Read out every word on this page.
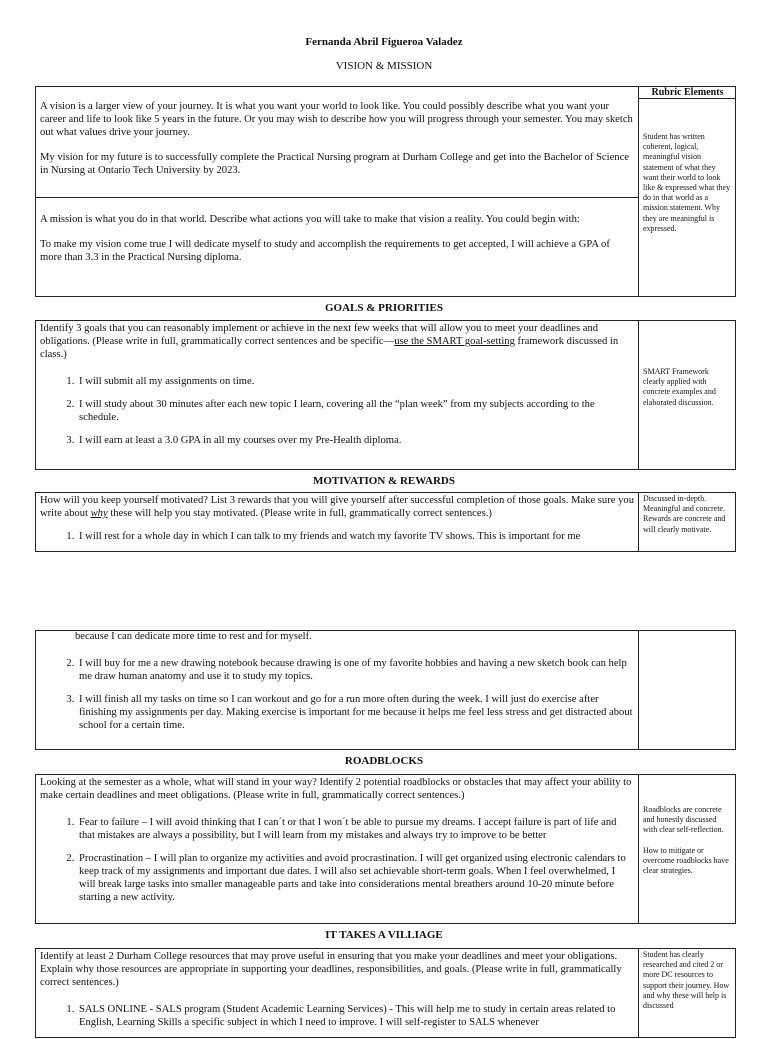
Fernanda Abril Figueroa Valadez
VISION & MISSION
Rubric Elements

A vision is a larger view of your journey. It is what you want your world to look like. You could possibly describe what you want your career and life to look like 5 years in the future. Or you may wish to describe how you will progress through your semester. You may sketch out what values drive your journey.

My vision for my future is to successfully complete the Practical Nursing program at Durham College and get into the Bachelor of Science in Nursing at Ontario Tech University by 2023.

A mission is what you do in that world. Describe what actions you will take to make that vision a reality. You could begin with:

To make my vision come true I will dedicate myself to study and accomplish the requirements to get accepted, I will achieve a GPA of more than 3.3 in the Practical Nursing diploma.

Student has written coherent, logical, meaningful vision statement of what they want their world to look like & expressed what they do in that world as a mission statement. Why they are meaningful is expressed.
GOALS & PRIORITIES

Identify 3 goals that you can reasonably implement or achieve in the next few weeks that will allow you to meet your deadlines and obligations. (Please write in full, grammatically correct sentences and be specific—use the SMART goal-setting framework discussed in class.)

1. I will submit all my assignments on time.
2. I will study about 30 minutes after each new topic I learn, covering all the “plan week” from my subjects according to the schedule.
3. I will earn at least a 3.0 GPA in all my courses over my Pre-Health diploma.
SMART Framework clearly applied with concrete examples and elaborated discussion.
MOTIVATION & REWARDS

How will you keep yourself motivated? List 3 rewards that you will give yourself after successful completion of those goals. Make sure you write about why these will help you stay motivated. (Please write in full, grammatically correct sentences.)

1. I will rest for a whole day in which I can talk to my friends and watch my favorite TV shows. This is important for me
Discussed in-depth. Meaningful and concrete. Rewards are concrete and will clearly motivate.
because I can dedicate more time to rest and for myself.
2. I will buy for me a new drawing notebook because drawing is one of my favorite hobbies and having a new sketch book can help me draw human anatomy and use it to study my topics.
3. I will finish all my tasks on time so I can workout and go for a run more often during the week. I will just do exercise after finishing my assignments per day. Making exercise is important for me because it helps me feel less stress and get distracted about school for a certain time.
ROADBLOCKS

Looking at the semester as a whole, what will stand in your way? Identify 2 potential roadblocks or obstacles that may affect your ability to make certain deadlines and meet obligations. (Please write in full, grammatically correct sentences.)

1. Fear to failure – I will avoid thinking that I can´t or that I won´t be able to pursue my dreams. I accept failure is part of life and that mistakes are always a possibility, but I will learn from my mistakes and always try to improve to be better
2. Procrastination – I will plan to organize my activities and avoid procrastination. I will get organized using electronic calendars to keep track of my assignments and important due dates. I will also set achievable short-term goals. When I feel overwhelmed, I will break large tasks into smaller manageable parts and take into considerations mental breathers around 10-20 minute before starting a new activity.

Roadblocks are concrete and honestly discussed with clear self-reflection.

How to mitigate or overcome roadblocks have clear strategies.

IT TAKES A VILLIAGE

Identify at least 2 Durham College resources that may prove useful in ensuring that you make your deadlines and meet your obligations. Explain why those resources are appropriate in supporting your deadlines, responsibilities, and goals. (Please write in full, grammatically correct sentences.)

1. SALS ONLINE - SALS program (Student Academic Learning Services) - This will help me to study in certain areas related to English, Learning Skills a specific subject in which I need to improve. I will self-register to SALS whenever
Student has clearly researched and cited 2 or more DC resources to support their journey. How and why these will help is discussed
